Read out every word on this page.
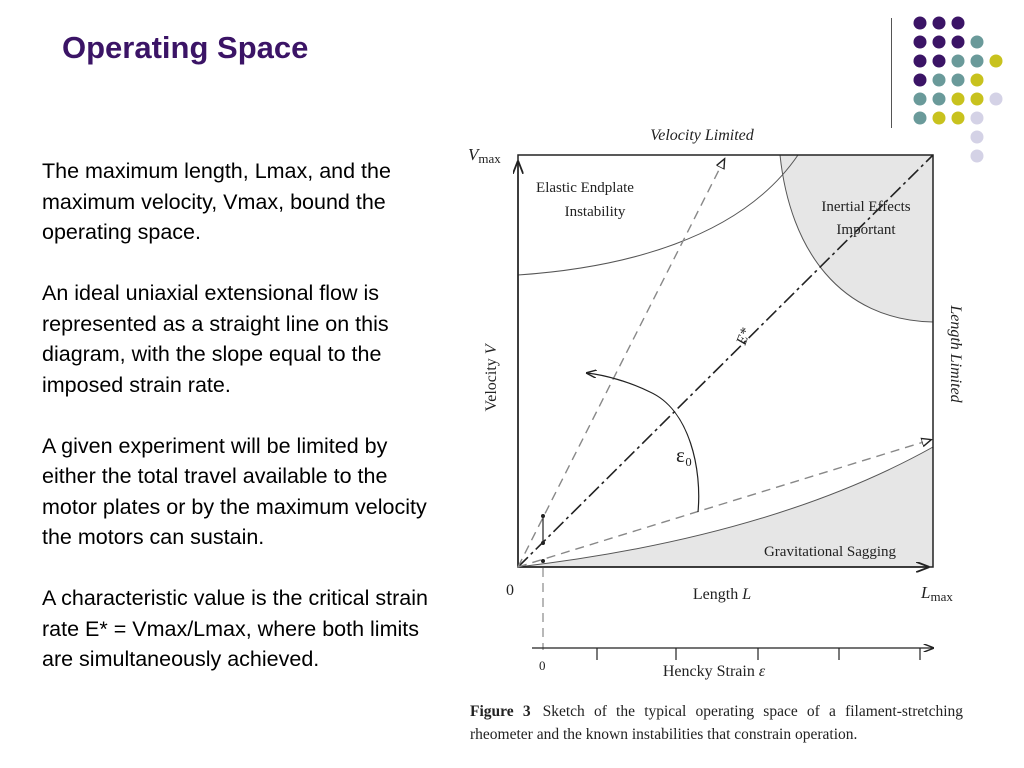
Operating Space

The maximum length, Lmax, and the maximum velocity, Vmax, bound the operating space.

An ideal uniaxial extensional flow is represented as a straight line on this diagram, with the slope equal to the imposed strain rate.

A given experiment will be limited by either the total travel available to the motor plates or by the maximum velocity the motors can sustain.

A characteristic value is the critical strain rate E* = Vmax/Lmax, where both limits are simultaneously achieved.

Velocity Limited
Vmax
Velocity V	Length Limited
0	Length L	Lmax
Elastic Endplate
Instability	Inertial Effects
Important
Gravitational Sagging
E*
ε₀
0	Hencky Strain ε
Figure 3 Sketch of the typical operating space of a filament-stretching rheometer and the known instabilities that constrain operation.
